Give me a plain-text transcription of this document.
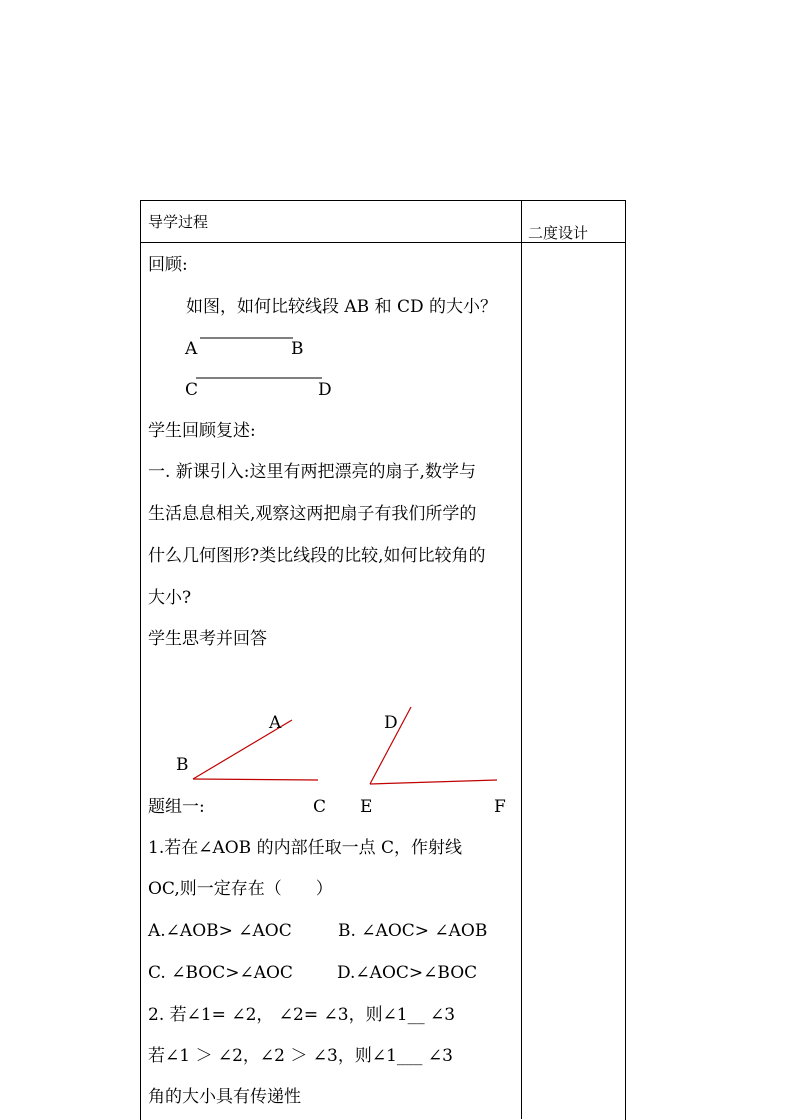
导学过程
二度设计
回顾:
如图，如何比较线段 AB 和 CD 的大小？
A	B
C	D
学生回顾复述:
一. 新课引入:这里有两把漂亮的扇子,数学与
生活息息相关,观察这两把扇子有我们所学的
什么几何图形?类比线段的比较,如何比较角的
大小?
学生思考并回答
A
B
C
D
E	F
题组一:
1.若在∠AOB 的内部任取一点 C，作射线
OC,则一定存在（　　）
A.∠AOB> ∠AOC	B. ∠AOC> ∠AOB
C. ∠BOC>∠AOC	D.∠AOC>∠BOC
2. 若∠1= ∠2， ∠2= ∠3，则∠1__ ∠3
若∠1 ＞ ∠2，∠2 ＞ ∠3，则∠1___ ∠3
角的大小具有传递性
